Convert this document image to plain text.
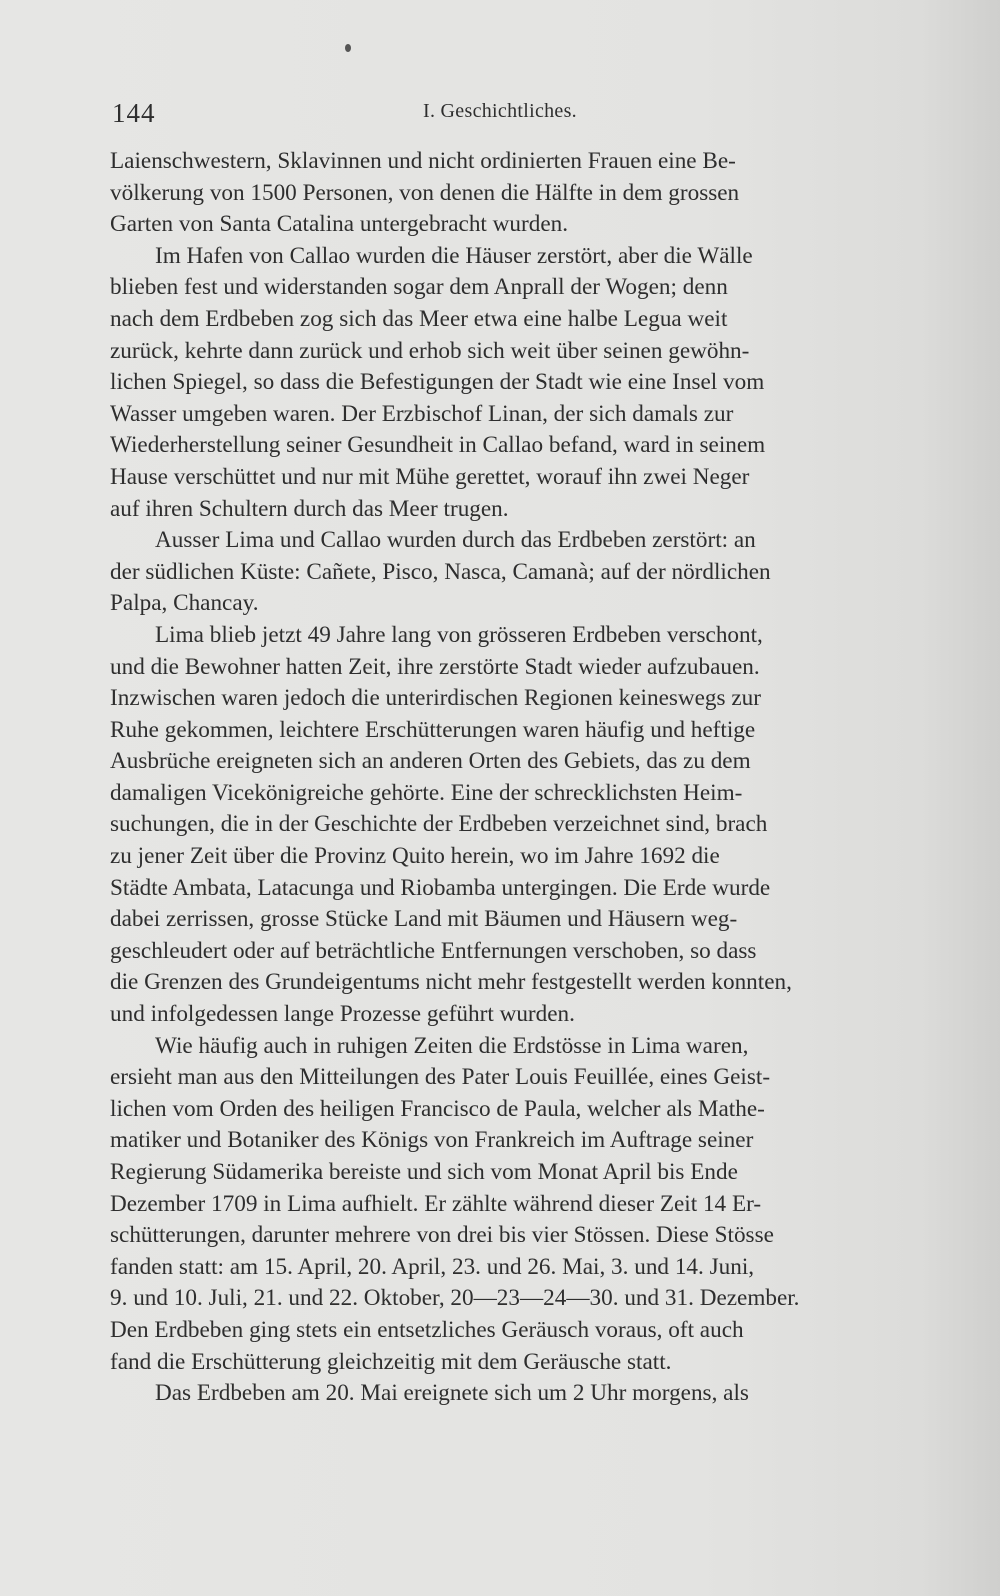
144	I. Geschichtliches.

Laienschwestern, Sklavinnen und nicht ordinierten Frauen eine Be-
völkerung von 1500 Personen, von denen die Hälfte in dem grossen
Garten von Santa Catalina untergebracht wurden.

Im Hafen von Callao wurden die Häuser zerstört, aber die Wälle
blieben fest und widerstanden sogar dem Anprall der Wogen; denn
nach dem Erdbeben zog sich das Meer etwa eine halbe Legua weit
zurück, kehrte dann zurück und erhob sich weit über seinen gewöhn-
lichen Spiegel, so dass die Befestigungen der Stadt wie eine Insel vom
Wasser umgeben waren. Der Erzbischof Linan, der sich damals zur
Wiederherstellung seiner Gesundheit in Callao befand, ward in seinem
Hause verschüttet und nur mit Mühe gerettet, worauf ihn zwei Neger
auf ihren Schultern durch das Meer trugen.

Ausser Lima und Callao wurden durch das Erdbeben zerstört: an
der südlichen Küste: Cañete, Pisco, Nasca, Camanà; auf der nördlichen
Palpa, Chancay.

Lima blieb jetzt 49 Jahre lang von grösseren Erdbeben verschont,
und die Bewohner hatten Zeit, ihre zerstörte Stadt wieder aufzubauen.
Inzwischen waren jedoch die unterirdischen Regionen keineswegs zur
Ruhe gekommen, leichtere Erschütterungen waren häufig und heftige
Ausbrüche ereigneten sich an anderen Orten des Gebiets, das zu dem
damaligen Vicekönigreiche gehörte. Eine der schrecklichsten Heim-
suchungen, die in der Geschichte der Erdbeben verzeichnet sind, brach
zu jener Zeit über die Provinz Quito herein, wo im Jahre 1692 die
Städte Ambata, Latacunga und Riobamba untergingen. Die Erde wurde
dabei zerrissen, grosse Stücke Land mit Bäumen und Häusern weg-
geschleudert oder auf beträchtliche Entfernungen verschoben, so dass
die Grenzen des Grundeigentums nicht mehr festgestellt werden konnten,
und infolgedessen lange Prozesse geführt wurden.

Wie häufig auch in ruhigen Zeiten die Erdstösse in Lima waren,
ersieht man aus den Mitteilungen des Pater Louis Feuillée, eines Geist-
lichen vom Orden des heiligen Francisco de Paula, welcher als Mathe-
matiker und Botaniker des Königs von Frankreich im Auftrage seiner
Regierung Südamerika bereiste und sich vom Monat April bis Ende
Dezember 1709 in Lima aufhielt. Er zählte während dieser Zeit 14 Er-
schütterungen, darunter mehrere von drei bis vier Stössen. Diese Stösse
fanden statt: am 15. April, 20. April, 23. und 26. Mai, 3. und 14. Juni,
9. und 10. Juli, 21. und 22. Oktober, 20—23—24—30. und 31. Dezember.
Den Erdbeben ging stets ein entsetzliches Geräusch voraus, oft auch
fand die Erschütterung gleichzeitig mit dem Geräusche statt.

Das Erdbeben am 20. Mai ereignete sich um 2 Uhr morgens, als
